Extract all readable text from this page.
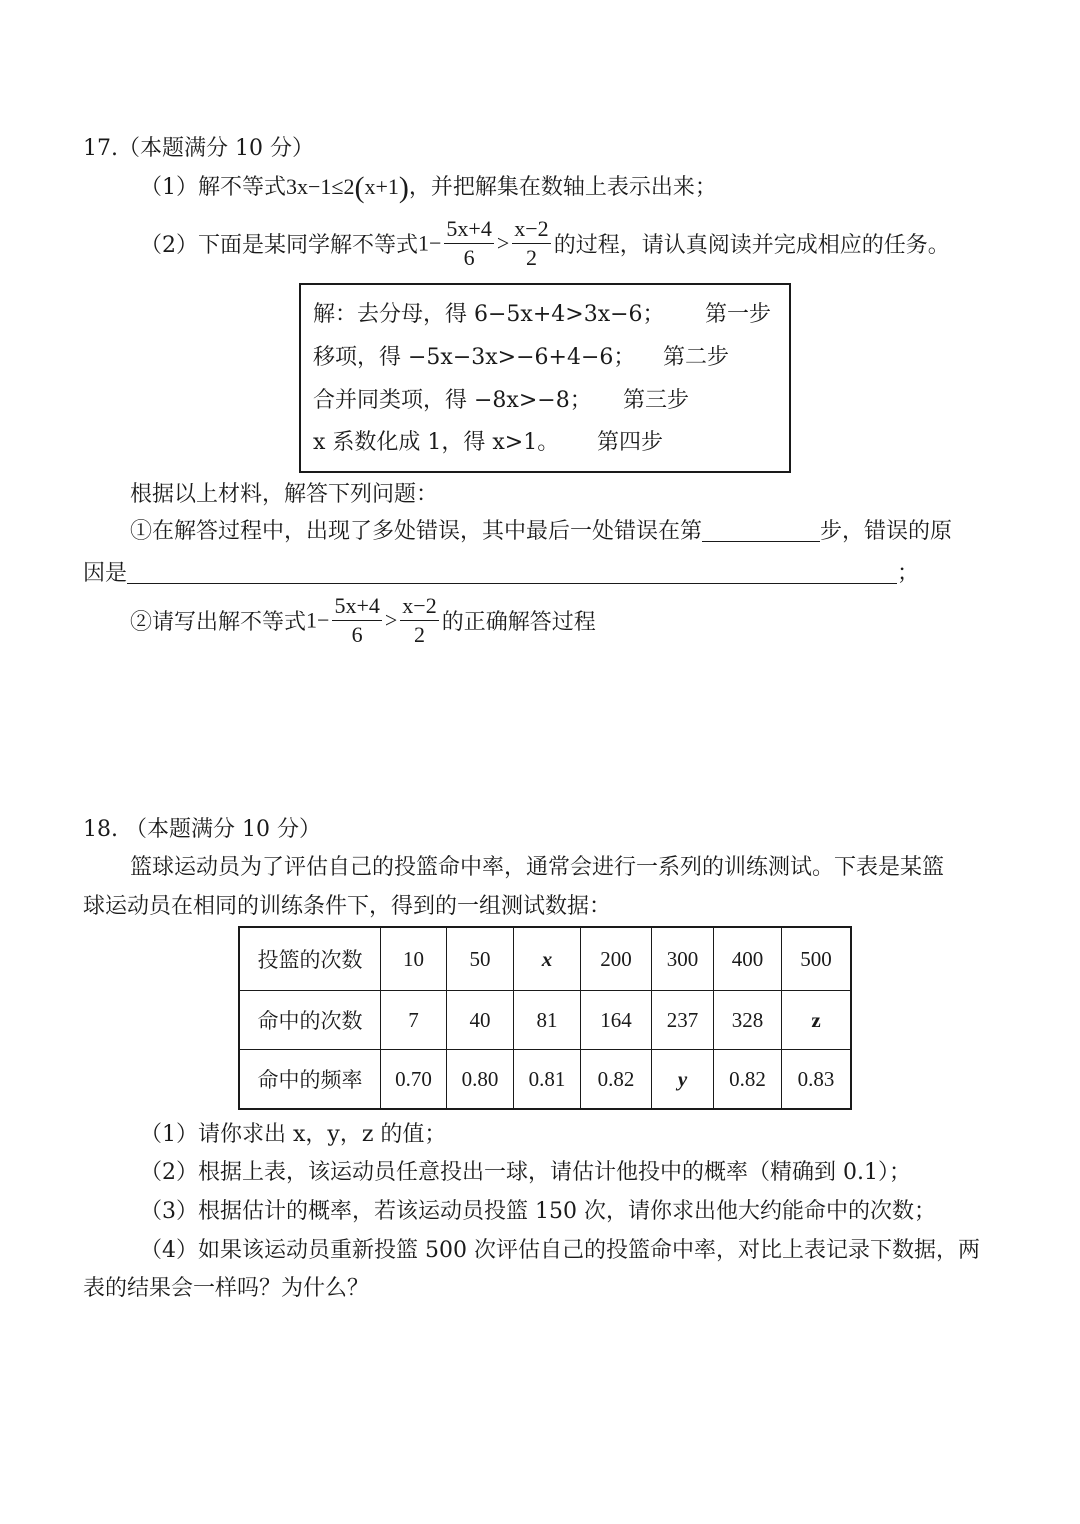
17.（本题满分 10 分）
（1）解不等式3x−1≤2(x+1)，并把解集在数轴上表示出来；
（2）下面是某同学解不等式$1- \frac{5x+4}{6} > \frac{x-2}{2}$ 的过程，请认真阅读并完成相应的任务。
解：去分母，得 6−5x+4>3x−6； 第一步
移项，得 −5x−3x>−6+4−6； 第二步
合并同类项，得 −8x>−8； 第三步
x 系数化成 1，得 x>1。 第四步
根据以上材料，解答下列问题：
①在解答过程中，出现了多处错误，其中最后一处错误在第	步，错误的原
因是	；
②请写出解不等式$1- \frac{5x+4}{6} > \frac{x-2}{2}$ 的正确解答过程
18. （本题满分 10 分）
篮球运动员为了评估自己的投篮命中率，通常会进行一系列的训练测试。下表是某篮
球运动员在相同的训练条件下，得到的一组测试数据：
投篮的次数	10	50	x	200	300	400	500
命中的次数	7	40	81	164	237	328	z
命中的频率	0.70	0.80	0.81	0.82	y	0.82	0.83
（1）请你求出 x，y，z 的值；
（2）根据上表，该运动员任意投出一球，请估计他投中的概率（精确到 0.1）；
（3）根据估计的概率，若该运动员投篮 150 次，请你求出他大约能命中的次数；
（4）如果该运动员重新投篮 500 次评估自己的投篮命中率，对比上表记录下数据，两
表的结果会一样吗？为什么？
